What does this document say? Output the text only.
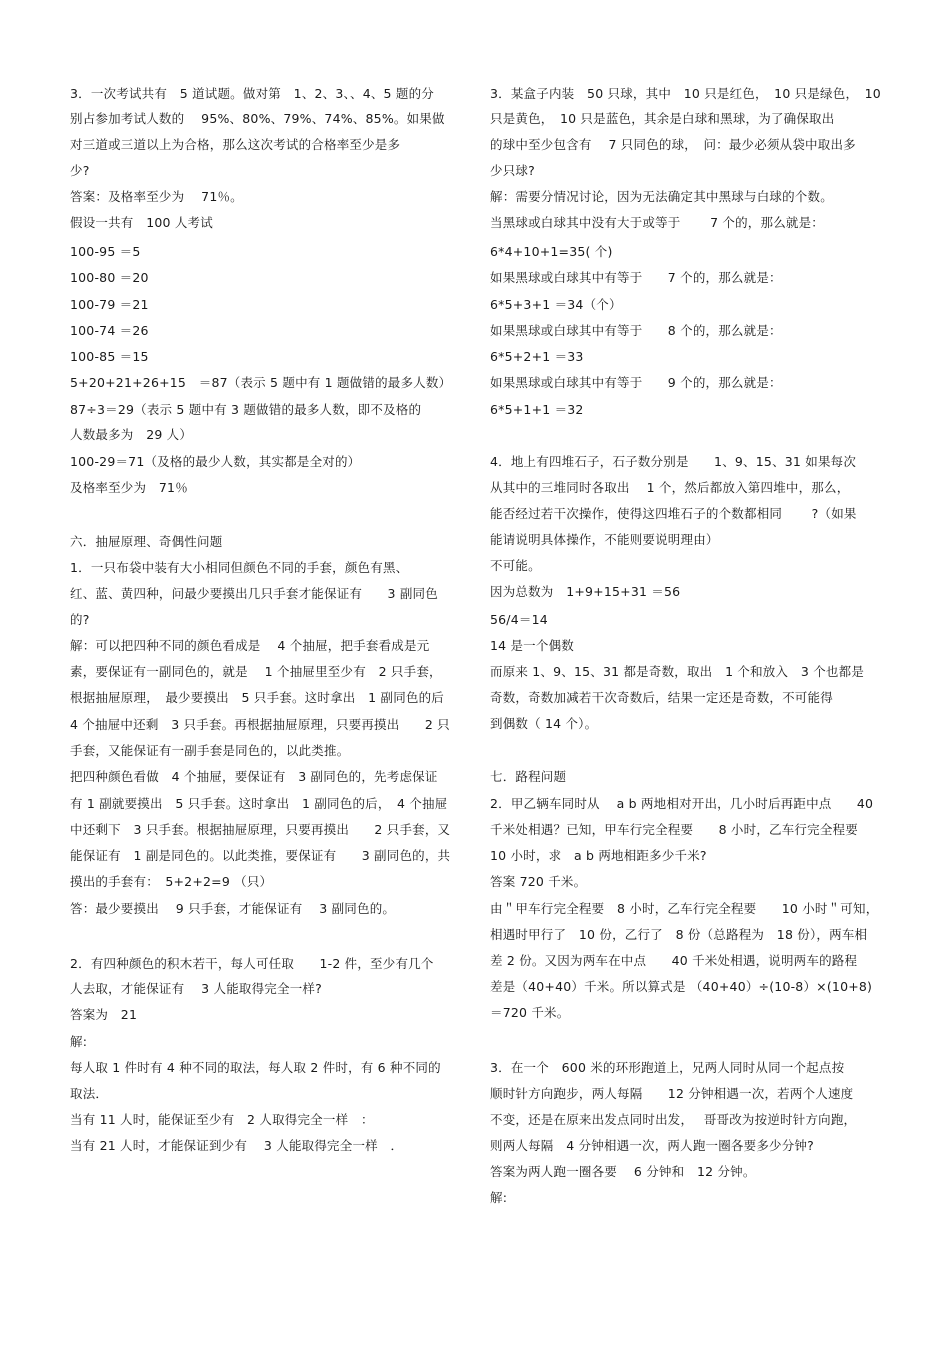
3．一次考试共有　5 道试题。做对第　1、2、3、、4、5 题的分
别占参加考试人数的　 95%、80%、79%、74%、85%。如果做
对三道或三道以上为合格，那么这次考试的合格率至少是多
少?
答案：及格率至少为　 71％。
假设一共有　100 人考试
100-95 ＝5
100-80 ＝20
100-79 ＝21
100-74 ＝26
100-85 ＝15
5+20+21+26+15　＝87（表示 5 题中有 1 题做错的最多人数）
87÷3＝29（表示 5 题中有 3 题做错的最多人数，即不及格的
人数最多为　29 人）
100-29＝71（及格的最少人数，其实都是全对的）
及格率至少为　71％
六．抽屉原理、奇偶性问题
1．一只布袋中装有大小相同但颜色不同的手套，颜色有黑、
红、蓝、黄四种，问最少要摸出几只手套才能保证有　　3 副同色
的?
解：可以把四种不同的颜色看成是　 4 个抽屉，把手套看成是元
素，要保证有一副同色的，就是　 1 个抽屉里至少有　2 只手套，
根据抽屉原理，　最少要摸出　5 只手套。这时拿出　1 副同色的后
4 个抽屉中还剩　3 只手套。再根据抽屉原理，只要再摸出　　2 只
手套，又能保证有一副手套是同色的，以此类推。
把四种颜色看做　4 个抽屉，要保证有　3 副同色的，先考虑保证
有 1 副就要摸出　5 只手套。这时拿出　1 副同色的后，　4 个抽屉
中还剩下　3 只手套。根据抽屉原理，只要再摸出　　2 只手套，又
能保证有　1 副是同色的。以此类推，要保证有　　3 副同色的，共
摸出的手套有：　5+2+2=9 （只）
答：最少要摸出　 9 只手套，才能保证有　 3 副同色的。
2．有四种颜色的积木若干，每人可任取　　1-2 件，至少有几个
人去取，才能保证有　 3 人能取得完全一样?
答案为　21
解:
每人取 1 件时有 4 种不同的取法，每人取 2 件时，有 6 种不同的
取法．
当有 11 人时，能保证至少有　2 人取得完全一样　：
当有 21 人时，才能保证到少有　 3 人能取得完全一样　．
3．某盒子内装　50 只球，其中　10 只是红色，　10 只是绿色，　10
只是黄色，　10 只是蓝色，其余是白球和黑球，为了确保取出
的球中至少包含有　 7 只同色的球，　问：最少必须从袋中取出多
少只球?
解：需要分情况讨论，因为无法确定其中黑球与白球的个数。
当黑球或白球其中没有大于或等于　　 7 个的，那么就是：
6*4+10+1=35( 个)
如果黑球或白球其中有等于　　7 个的，那么就是：
6*5+3+1 ＝34（个）
如果黑球或白球其中有等于　　8 个的，那么就是：
6*5+2+1 ＝33
如果黑球或白球其中有等于　　9 个的，那么就是：
6*5+1+1 ＝32
4．地上有四堆石子，石子数分别是　　1、9、15、31 如果每次
从其中的三堆同时各取出　 1 个，然后都放入第四堆中，那么，
能否经过若干次操作，使得这四堆石子的个数都相同　　 ?（如果
能请说明具体操作，不能则要说明理由）
不可能。
因为总数为　1+9+15+31 ＝56
56/4＝14
14 是一个偶数
而原来 1、9、15、31 都是奇数，取出　1 个和放入　3 个也都是
奇数，奇数加减若干次奇数后，结果一定还是奇数，不可能得
到偶数（ 14 个）。
七．路程问题
2．甲乙辆车同时从　 a b 两地相对开出，几小时后再距中点　　40
千米处相遇？已知，甲车行完全程要　　8 小时，乙车行完全程要
10 小时，求　a b 两地相距多少千米?
答案 720 千米。
由＂甲车行完全程要　8 小时，乙车行完全程要　　10 小时＂可知，
相遇时甲行了　10 份，乙行了　8 份（总路程为　18 份），两车相
差 2 份。又因为两车在中点　　40 千米处相遇，说明两车的路程
差是（40+40）千米。所以算式是 （40+40）÷(10-8）×(10+8)
＝720 千米。
3．在一个　600 米的环形跑道上，兄两人同时从同一个起点按
顺时针方向跑步，两人每隔　　12 分钟相遇一次，若两个人速度
不变，还是在原来出发点同时出发，　 哥哥改为按逆时针方向跑，
则两人每隔　4 分钟相遇一次，两人跑一圈各要多少分钟?
答案为两人跑一圈各要　 6 分钟和　12 分钟。
解:
